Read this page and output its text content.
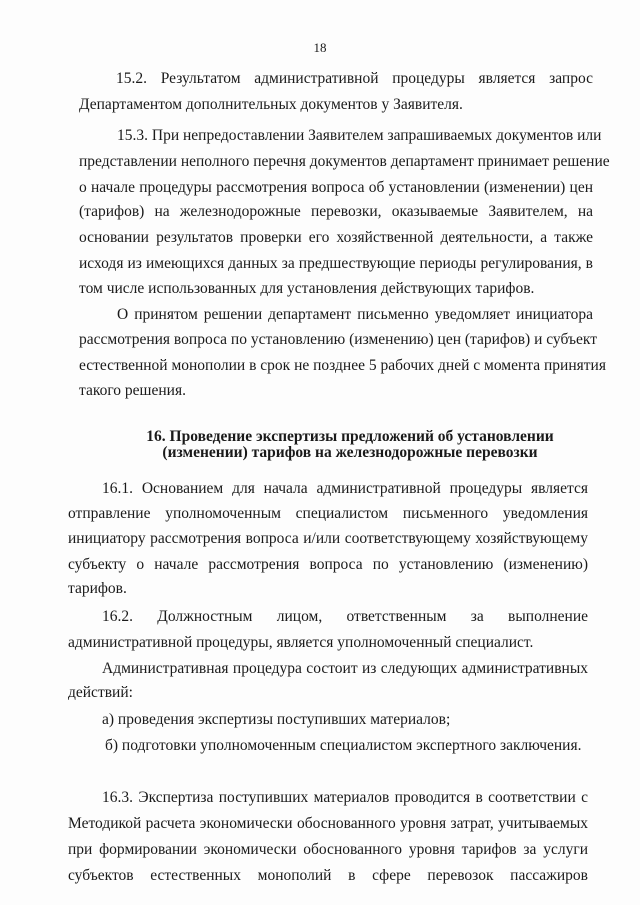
18
15.2. Результатом административной процедуры является запрос
Департаментом дополнительных документов у Заявителя.
15.3. При непредоставлении Заявителем запрашиваемых документов или
представлении неполного перечня документов департамент принимает решение
о начале процедуры рассмотрения вопроса об установлении (изменении) цен
(тарифов) на железнодорожные перевозки, оказываемые Заявителем, на
основании результатов проверки его хозяйственной деятельности, а также
исходя из имеющихся данных за предшествующие периоды регулирования, в
том числе использованных для установления действующих тарифов.
О принятом решении департамент письменно уведомляет инициатора
рассмотрения вопроса по установлению (изменению) цен (тарифов) и субъект
естественной монополии в срок не позднее 5 рабочих дней с момента принятия
такого решения.
16. Проведение экспертизы предложений об установлении
(изменении) тарифов на железнодорожные перевозки
16.1. Основанием для начала административной процедуры является
отправление уполномоченным специалистом письменного уведомления
инициатору рассмотрения вопроса и/или соответствующему хозяйствующему
субъекту о начале рассмотрения вопроса по установлению (изменению)
тарифов.
16.2. Должностным лицом, ответственным за выполнение
административной процедуры, является уполномоченный специалист.
Административная процедура состоит из следующих административных
действий:
а) проведения экспертизы поступивших материалов;
б) подготовки уполномоченным специалистом экспертного заключения.
16.3. Экспертиза поступивших материалов проводится в соответствии с
Методикой расчета экономически обоснованного уровня затрат, учитываемых
при формировании экономически обоснованного уровня тарифов за услуги
субъектов естественных монополий в сфере перевозок пассажиров
